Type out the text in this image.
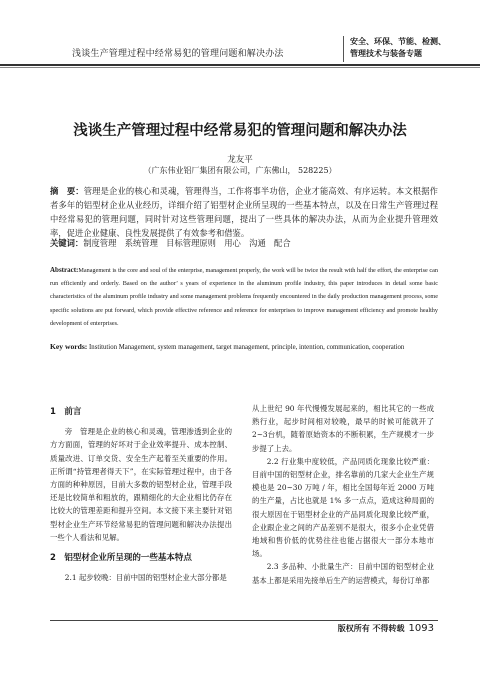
浅谈生产管理过程中经常易犯的管理问题和解决办法
安全、环保、节能、检测、
管理技术与装备专题
浅谈生产管理过程中经常易犯的管理问题和解决办法
龙友平
（广东伟业铝厂集团有限公司，广东佛山， 528225）
摘　要：管理是企业的核心和灵魂，管理得当，工作将事半功倍，企业才能高效、有序运转。本文根据作者多年的铝型材企业从业经历，详细介绍了铝型材企业所呈现的一些基本特点，以及在日常生产管理过程中经常易犯的管理问题，同时针对这些管理问题，提出了一些具体的解决办法，从而为企业提升管理效率，促进企业健康、良性发展提供了有效参考和借鉴。
关键词：制度管理　系统管理　目标管理原则　用心　沟通　配合
Abstract:Management is the core and soul of the enterprise, management properly, the work will be twice the result with half the effort, the enterprise can run efficiently and orderly. Based on the author’ s years of experience in the aluminum profile industry, this paper introduces in detail some basic characteristics of the aluminum profile industry and some management problems frequently encountered in the daily production management process, some specific solutions are put forward, which provide effective reference and reference for enterprises to improve management efficiency and promote healthy development of enterprises.
Key words: Institution Management, system management, target management, principle, intention, communication, cooperation
1　前言

旁　管理是企业的核心和灵魂，管理渗透到企业的方方面面，管理的好坏对于企业效率提升、成本控制、质量改进、订单交货、安全生产起着至关重要的作用。正所谓“持管理者得天下”，在实际管理过程中，由于各方面的种种原因，目前大多数的铝型材企业，管理手段还是比较简单和粗放的，跟精细化的大企业相比仍存在比较大的管理差距和提升空间。本文接下来主要针对铝型材企业生产环节经常易犯的管理问题和解决办法提出一些个人看法和见解。

2　铝型材企业所呈现的一些基本特点

2.1 起步较晚：目前中国的铝型材企业大部分都是

从上世纪 90 年代慢慢发展起来的，相比其它的一些成熟行业，起步时间相对较晚，最早的时候可能就开了2~3台机，随着原始资本的不断积累，生产规模才一步步提了上去。

2.2 行业集中度较低，产品同质化现象比较严重：目前中国的铝型材企业，排名靠前的几家大企业生产规模也是 20~30 万吨 / 年，相比全国每年近 2000 万吨的生产量，占比也就是 1% 多一点点，造成这种局面的很大原因在于铝型材企业的产品同质化现象比较严重，企业跟企业之间的产品差别不是很大，很多小企业凭借地域和售价低的优势往往也能占据很大一部分本地市场。

2.3 多品种、小批量生产：目前中国的铝型材企业基本上都是采用先接单后生产的运营模式，每份订单都

版权所有 不得转载 1093
